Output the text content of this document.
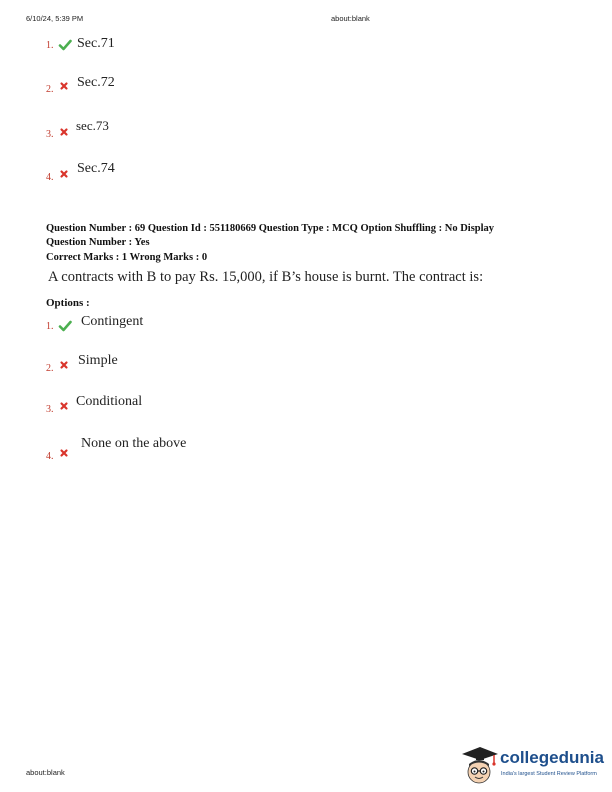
6/10/24, 5:39 PM	about:blank
1. Sec.71
2. Sec.72
3.
sec.73
4.
Sec.74
Question Number : 69 Question Id : 551180669 Question Type : MCQ Option Shuffling : No Display
Question Number : Yes
Correct Marks : 1 Wrong Marks : 0
A contracts with B to pay Rs. 15,000, if B’s house is burnt. The contract is:
Options :
1. Contingent
2.
Simple
3.
Conditional
4.
None on the above
about:blank
collegedunia
India's largest Student Review Platform
